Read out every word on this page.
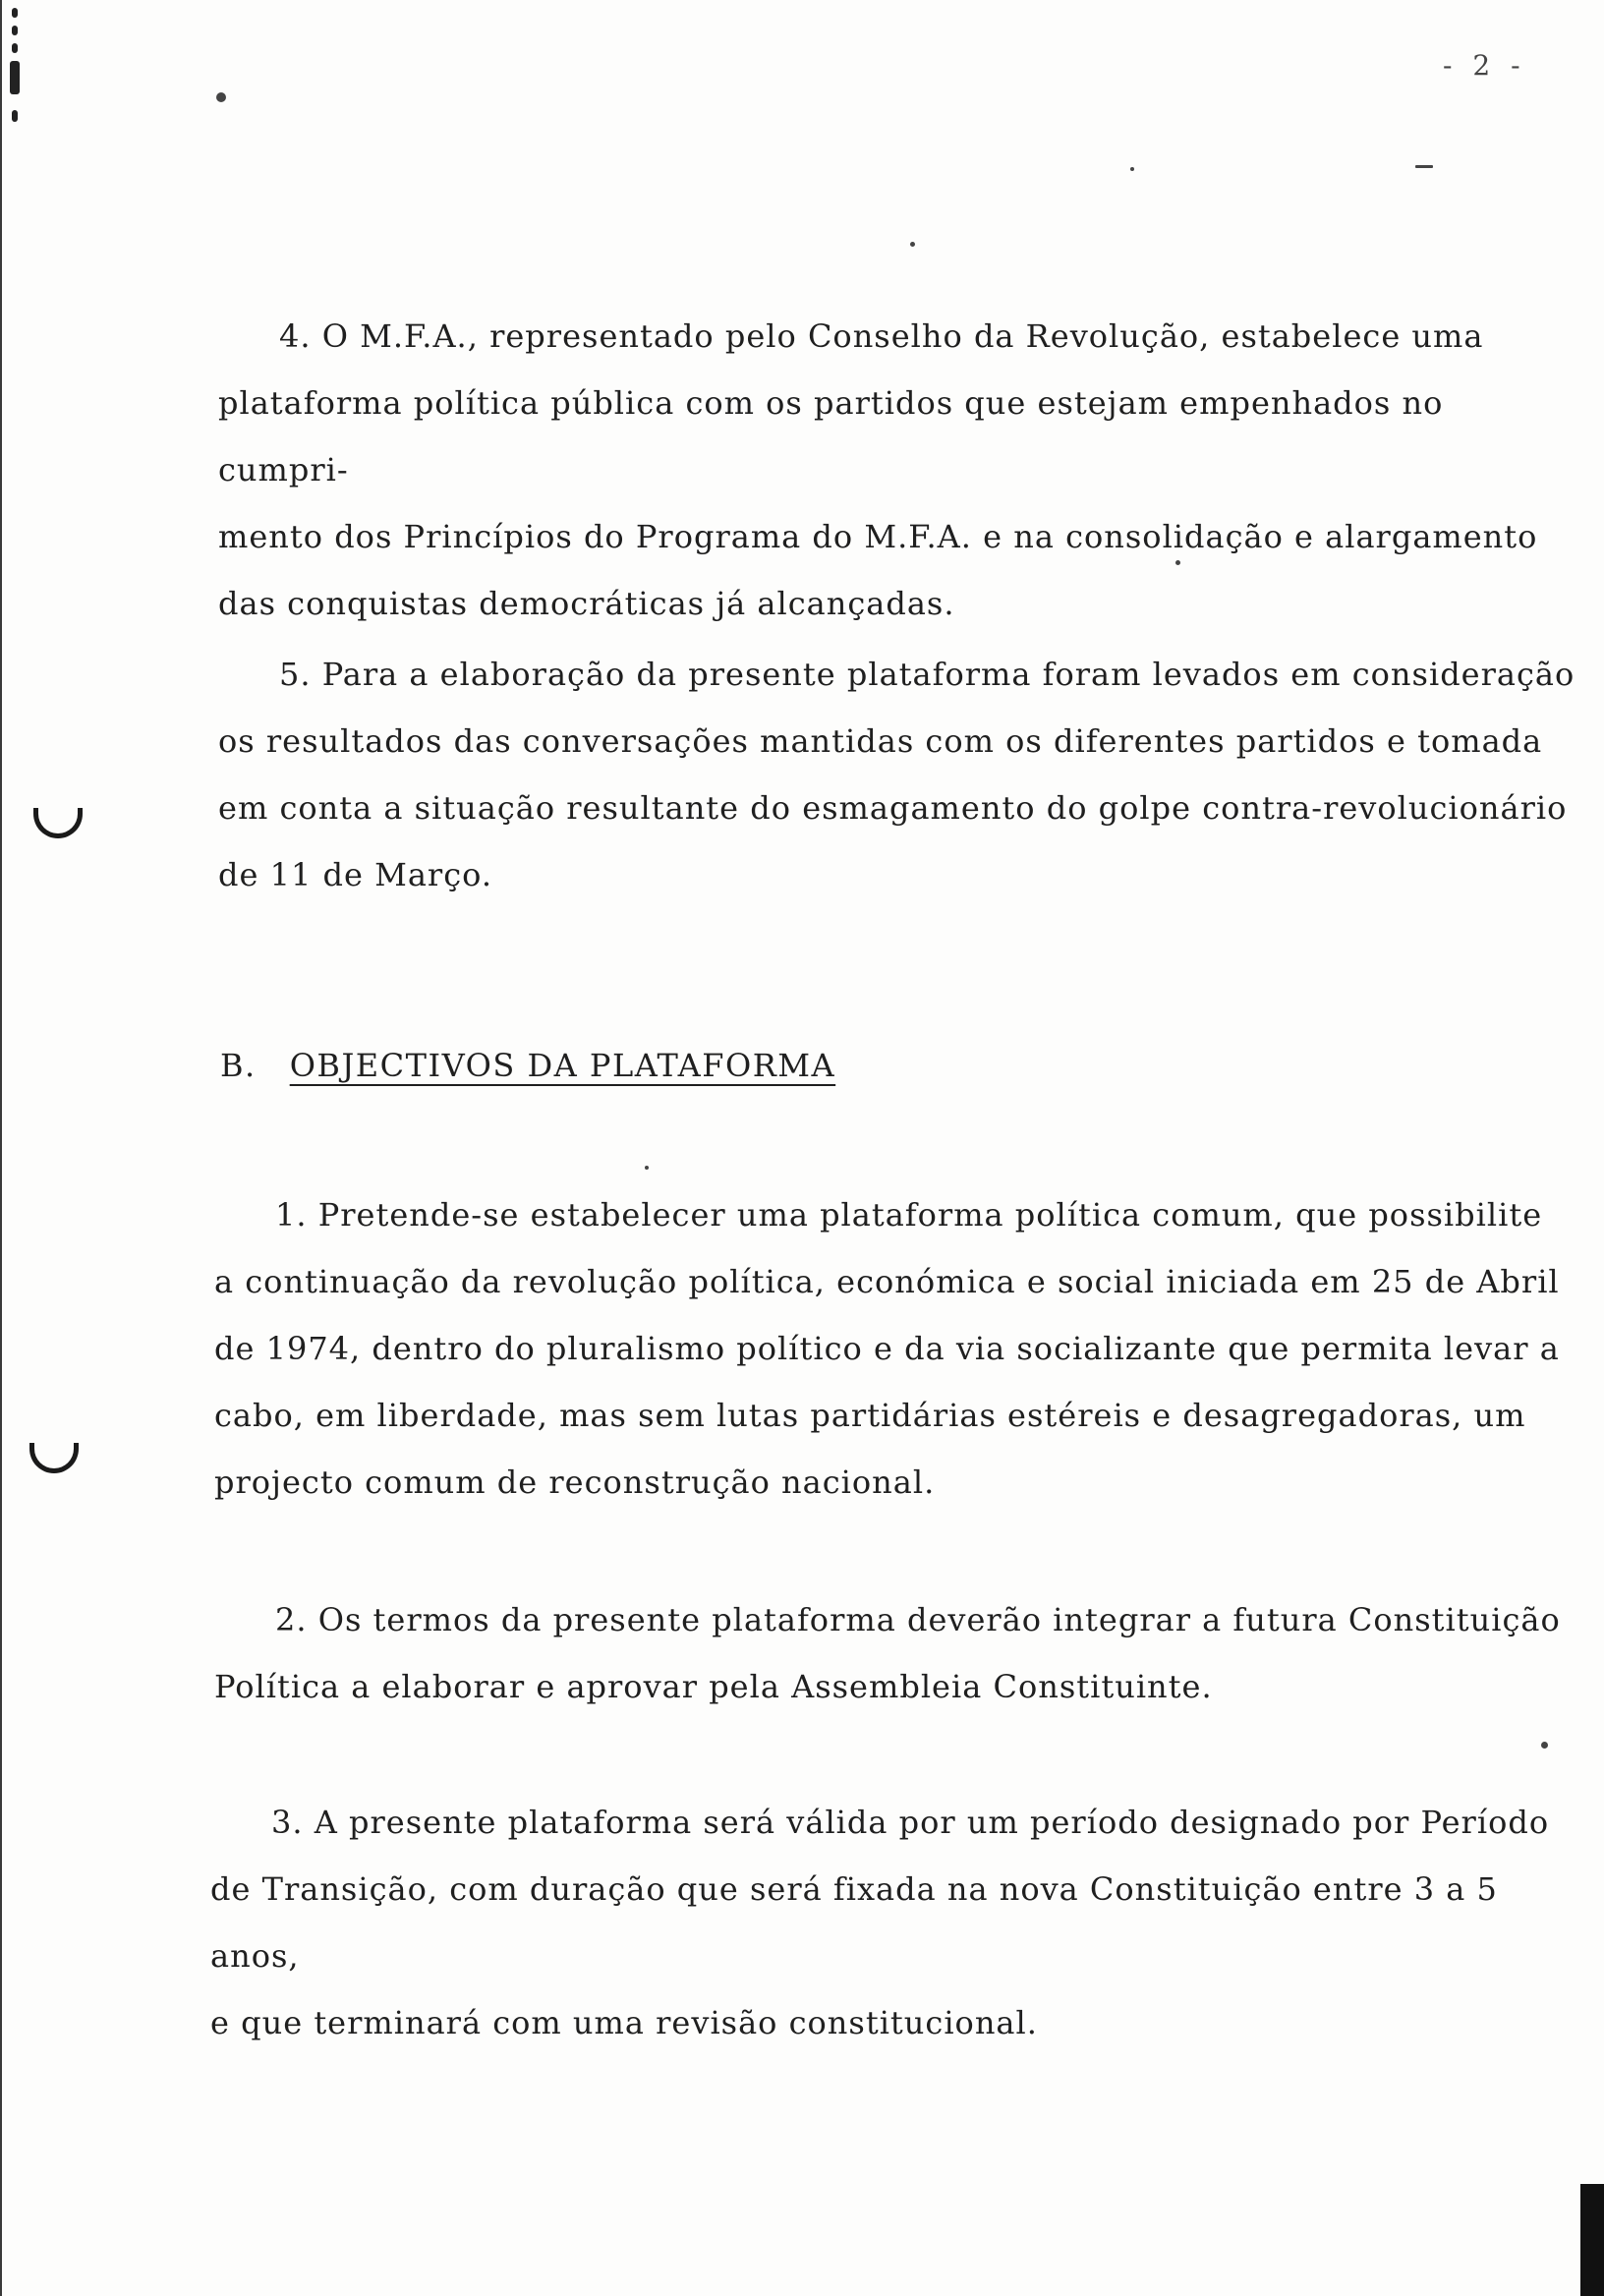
- 2 -

4. O M.F.A., representado pelo Conselho da Revolução, estabelece uma
plataforma política pública com os partidos que estejam empenhados no cumpri-
mento dos Princípios do Programa do M.F.A. e na consolidação e alargamento
das conquistas democráticas já alcançadas.

5. Para a elaboração da presente plataforma foram levados em consideração
os resultados das conversações mantidas com os diferentes partidos e tomada
em conta a situação resultante do esmagamento do golpe contra-revolucionário
de 11 de Março.

B. OBJECTIVOS DA PLATAFORMA

1. Pretende-se estabelecer uma plataforma política comum, que possibilite
a continuação da revolução política, económica e social iniciada em 25 de Abril
de 1974, dentro do pluralismo político e da via socializante que permita levar a
cabo, em liberdade, mas sem lutas partidárias estéreis e desagregadoras, um
projecto comum de reconstrução nacional.

2. Os termos da presente plataforma deverão integrar a futura Constituição
Política a elaborar e aprovar pela Assembleia Constituinte.

3. A presente plataforma será válida por um período designado por Período
de Transição, com duração que será fixada na nova Constituição entre 3 a 5 anos,
e que terminará com uma revisão constitucional.
